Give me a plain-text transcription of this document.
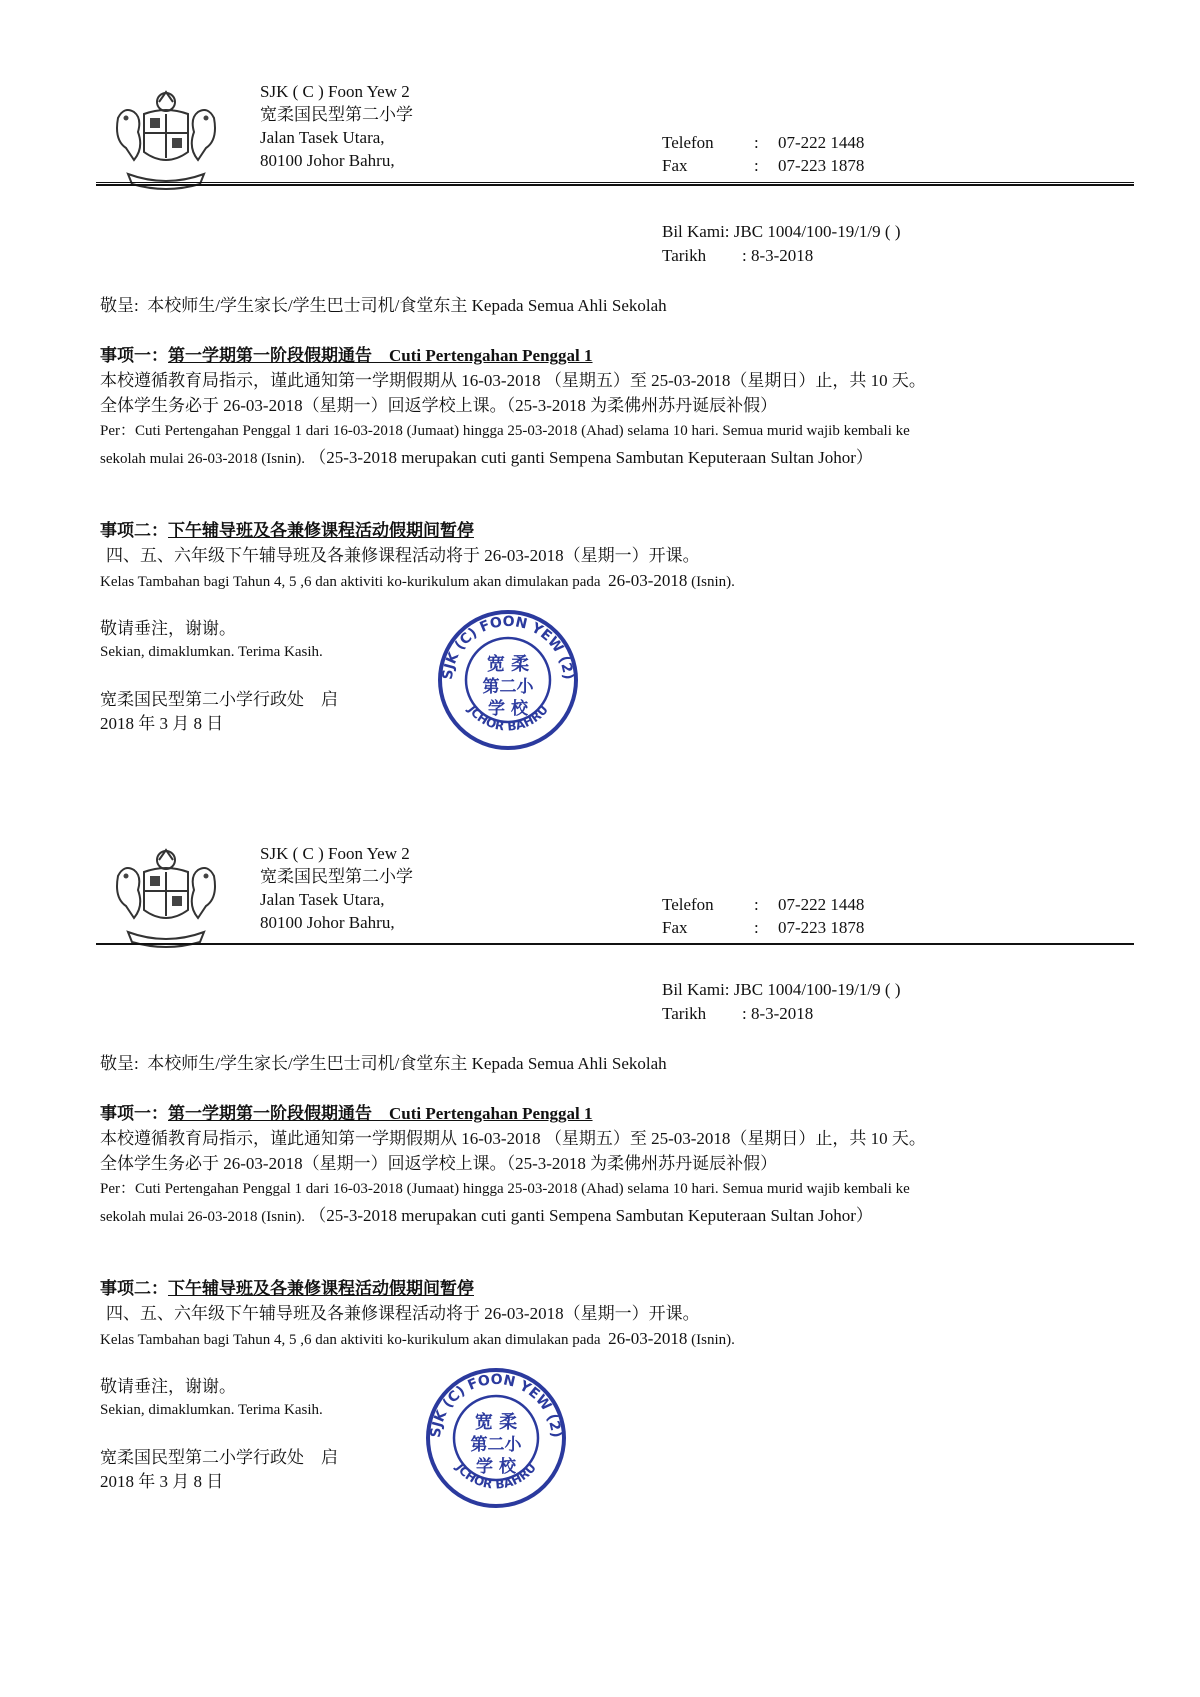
SJK ( C ) Foon Yew 2
宽柔国民型第二小学
Jalan Tasek Utara,
80100 Johor Bahru,
Telefon	:	07-222 1448
Fax	:	07-223 1878
Bil Kami:
JBC 1004/100-19/1/9 ( )
Tarikh	: 8-3-2018
敬呈: 本校师生/学生家长/学生巴士司机/食堂东主 Kepada Semua Ahli Sekolah
事项一：第一学期第一阶段假期通告　Cuti Pertengahan Penggal 1
本校遵循教育局指示，谨此通知第一学期假期从 16-03-2018 （星期五）至 25-03-2018（星期日）止，共 10 天。
全体学生务必于 26-03-2018（星期一）回返学校上课。（25-3-2018 为柔佛州苏丹诞辰补假）
Per：Cuti Pertengahan Penggal 1 dari 16-03-2018 (Jumaat) hingga 25-03-2018 (Ahad) selama 10 hari. Semua murid wajib kembali ke
sekolah mulai 26-03-2018 (Isnin). （25-3-2018 merupakan cuti ganti Sempena Sambutan Keputeraan Sultan Johor）
事项二：下午辅导班及各兼修课程活动假期间暂停
四、五、六年级下午辅导班及各兼修课程活动将于 26-03-2018（星期一）开课。
Kelas Tambahan bagi Tahun 4, 5 ,6 dan aktiviti ko-kurikulum akan dimulakan pada 26-03-2018 (Isnin).
敬请垂注，谢谢。
Sekian, dimaklumkan. Terima Kasih.
宽柔国民型第二小学行政处　启
2018 年 3 月 8 日
SJK (C) FOON YEW (2)
JCHOR BAHRU
宽 柔
第二小
学 校
SJK ( C ) Foon Yew 2
宽柔国民型第二小学
Jalan Tasek Utara,
80100 Johor Bahru,
Telefon	:	07-222 1448
Fax	:	07-223 1878
Bil Kami:
JBC 1004/100-19/1/9 ( )
Tarikh	: 8-3-2018
敬呈: 本校师生/学生家长/学生巴士司机/食堂东主 Kepada Semua Ahli Sekolah
事项一：第一学期第一阶段假期通告　Cuti Pertengahan Penggal 1
本校遵循教育局指示，谨此通知第一学期假期从 16-03-2018 （星期五）至 25-03-2018（星期日）止，共 10 天。
全体学生务必于 26-03-2018（星期一）回返学校上课。（25-3-2018 为柔佛州苏丹诞辰补假）
Per：Cuti Pertengahan Penggal 1 dari 16-03-2018 (Jumaat) hingga 25-03-2018 (Ahad) selama 10 hari. Semua murid wajib kembali ke
sekolah mulai 26-03-2018 (Isnin). （25-3-2018 merupakan cuti ganti Sempena Sambutan Keputeraan Sultan Johor）
事项二：下午辅导班及各兼修课程活动假期间暂停
四、五、六年级下午辅导班及各兼修课程活动将于 26-03-2018（星期一）开课。
Kelas Tambahan bagi Tahun 4, 5 ,6 dan aktiviti ko-kurikulum akan dimulakan pada 26-03-2018 (Isnin).
敬请垂注，谢谢。
Sekian, dimaklumkan. Terima Kasih.
宽柔国民型第二小学行政处　启
2018 年 3 月 8 日
SJK (C) FOON YEW (2)
JCHOR BAHRU
宽 柔
第二小
学 校
